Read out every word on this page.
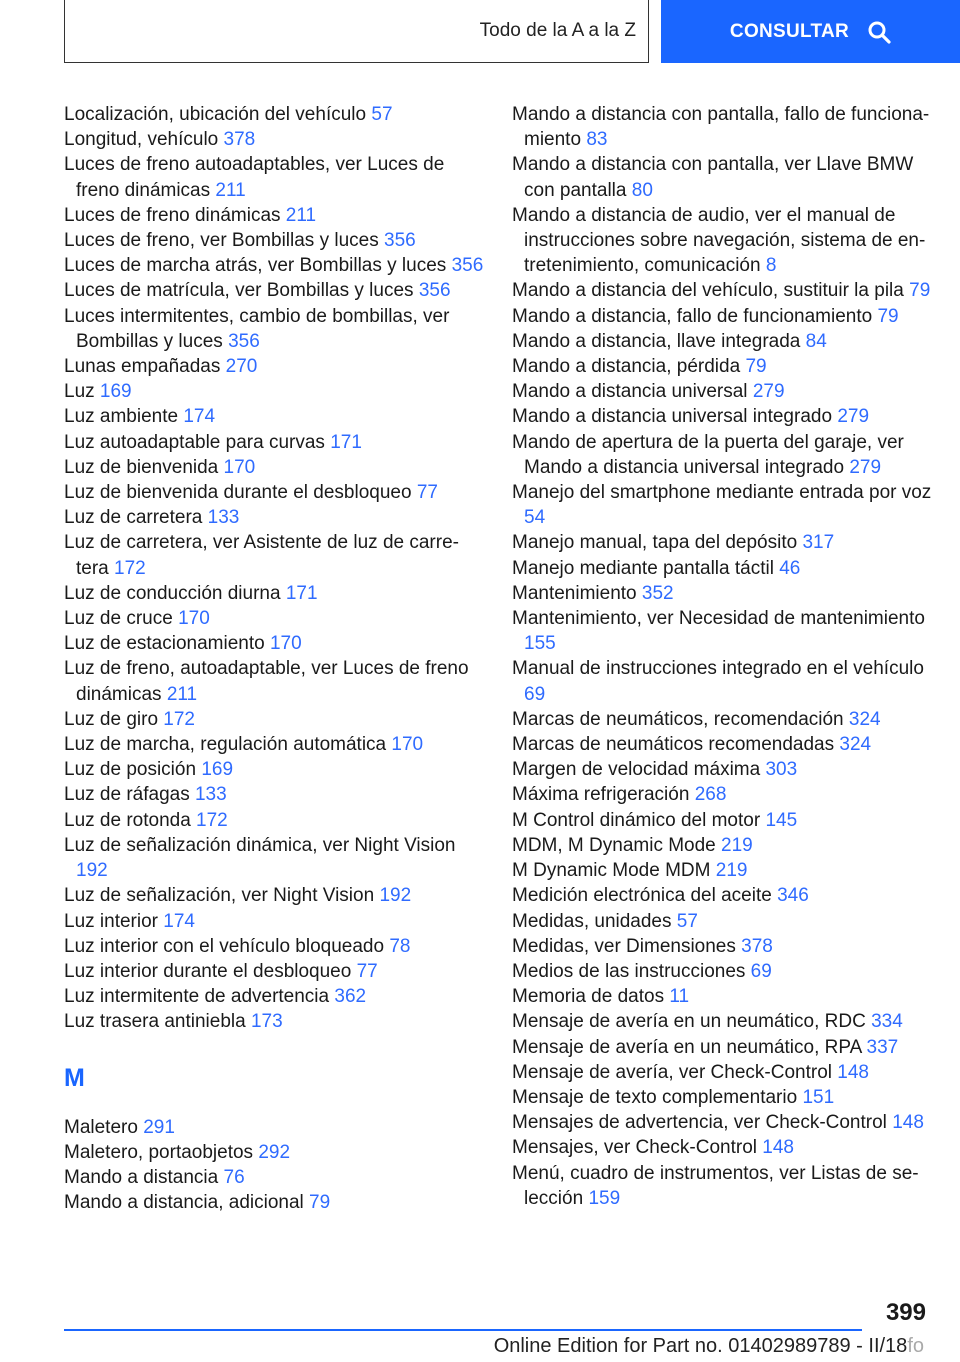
Todo de la A a la Z	CONSULTAR

Localización, ubicación del vehículo 57

Longitud, vehículo 378

Luces de freno autoadaptables, ver Luces de freno dinámicas 211

Luces de freno dinámicas 211

Luces de freno, ver Bombillas y luces 356

Luces de marcha atrás, ver Bombillas y luces 356

Luces de matrícula, ver Bombillas y luces 356

Luces intermitentes, cambio de bombillas, ver Bombillas y luces 356

Lunas empañadas 270

Luz 169

Luz ambiente 174

Luz autoadaptable para curvas 171

Luz de bienvenida 170

Luz de bienvenida durante el desbloqueo 77

Luz de carretera 133

Luz de carretera, ver Asistente de luz de carretera 172

Luz de conducción diurna 171

Luz de cruce 170

Luz de estacionamiento 170

Luz de freno, autoadaptable, ver Luces de freno dinámicas 211

Luz de giro 172

Luz de marcha, regulación automática 170

Luz de posición 169

Luz de ráfagas 133

Luz de rotonda 172

Luz de señalización dinámica, ver Night Vision 192

Luz de señalización, ver Night Vision 192

Luz interior 174

Luz interior con el vehículo bloqueado 78

Luz interior durante el desbloqueo 77

Luz intermitente de advertencia 362

Luz trasera antiniebla 173

M

Maletero 291

Maletero, portaobjetos 292

Mando a distancia 76

Mando a distancia, adicional 79

Mando a distancia con pantalla, fallo de funcionamiento 83

Mando a distancia con pantalla, ver Llave BMW con pantalla 80

Mando a distancia de audio, ver el manual de instrucciones sobre navegación, sistema de entretenimiento, comunicación 8

Mando a distancia del vehículo, sustituir la pila 79

Mando a distancia, fallo de funcionamiento 79

Mando a distancia, llave integrada 84

Mando a distancia, pérdida 79

Mando a distancia universal 279

Mando a distancia universal integrado 279

Mando de apertura de la puerta del garaje, ver Mando a distancia universal integrado 279

Manejo del smartphone mediante entrada por voz 54

Manejo manual, tapa del depósito 317

Manejo mediante pantalla táctil 46

Mantenimiento 352

Mantenimiento, ver Necesidad de mantenimiento 155

Manual de instrucciones integrado en el vehículo 69

Marcas de neumáticos, recomendación 324

Marcas de neumáticos recomendadas 324

Margen de velocidad máxima 303

Máxima refrigeración 268

M Control dinámico del motor 145

MDM, M Dynamic Mode 219

M Dynamic Mode MDM 219

Medición electrónica del aceite 346

Medidas, unidades 57

Medidas, ver Dimensiones 378

Medios de las instrucciones 69

Memoria de datos 11

Mensaje de avería en un neumático, RDC 334

Mensaje de avería en un neumático, RPA 337

Mensaje de avería, ver Check-Control 148

Mensaje de texto complementario 151

Mensajes de advertencia, ver Check-Control 148

Mensajes, ver Check-Control 148

Menú, cuadro de instrumentos, ver Listas de selección 159

399
Online Edition for Part no. 01402989789 - II/18fo
